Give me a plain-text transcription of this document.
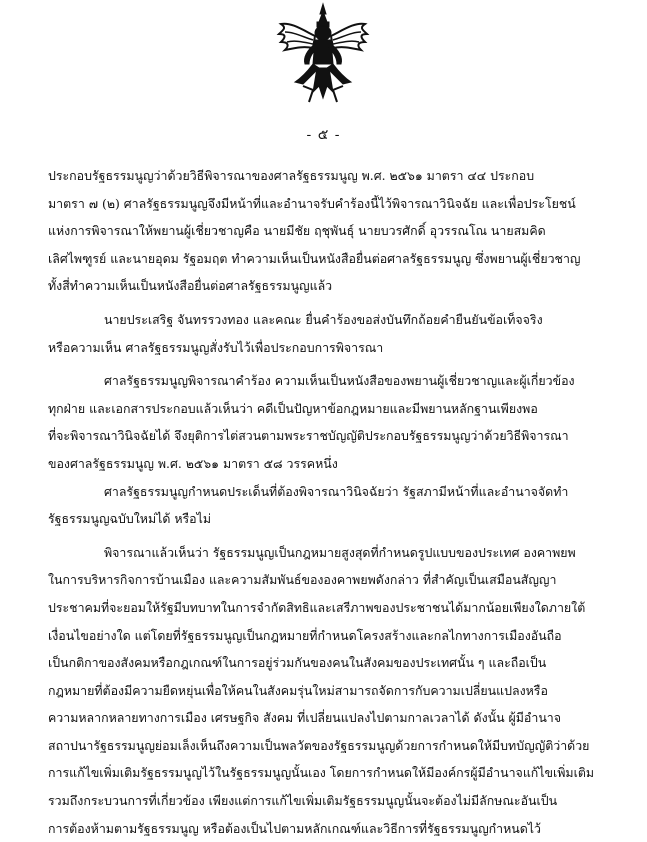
- ๕ -
ประกอบรัฐธรรมนูญว่าด้วยวิธีพิจารณาของศาลรัฐธรรมนูญ พ.ศ. ๒๕๖๑ มาตรา ๔๔ ประกอบ
มาตรา ๗ (๒) ศาลรัฐธรรมนูญจึงมีหน้าที่และอำนาจรับคำร้องนี้ไว้พิจารณาวินิจฉัย และเพื่อประโยชน์
แห่งการพิจารณาให้พยานผู้เชี่ยวชาญคือ นายมีชัย ฤชุพันธุ์ นายบวรศักดิ์ อุวรรณโณ นายสมคิด
เลิศไพฑูรย์ และนายอุดม รัฐอมฤต ทำความเห็นเป็นหนังสือยื่นต่อศาลรัฐธรรมนูญ ซึ่งพยานผู้เชี่ยวชาญ
ทั้งสี่ทำความเห็นเป็นหนังสือยื่นต่อศาลรัฐธรรมนูญแล้ว
นายประเสริฐ จันทรรวงทอง และคณะ ยื่นคำร้องขอส่งบันทึกถ้อยคำยืนยันข้อเท็จจริง
หรือความเห็น ศาลรัฐธรรมนูญสั่งรับไว้เพื่อประกอบการพิจารณา
ศาลรัฐธรรมนูญพิจารณาคำร้อง ความเห็นเป็นหนังสือของพยานผู้เชี่ยวชาญและผู้เกี่ยวข้อง
ทุกฝ่าย และเอกสารประกอบแล้วเห็นว่า คดีเป็นปัญหาข้อกฎหมายและมีพยานหลักฐานเพียงพอ
ที่จะพิจารณาวินิจฉัยได้ จึงยุติการไต่สวนตามพระราชบัญญัติประกอบรัฐธรรมนูญว่าด้วยวิธีพิจารณา
ของศาลรัฐธรรมนูญ พ.ศ. ๒๕๖๑ มาตรา ๕๘ วรรคหนึ่ง
ศาลรัฐธรรมนูญกำหนดประเด็นที่ต้องพิจารณาวินิจฉัยว่า รัฐสภามีหน้าที่และอำนาจจัดทำ
รัฐธรรมนูญฉบับใหม่ได้ หรือไม่
พิจารณาแล้วเห็นว่า รัฐธรรมนูญเป็นกฎหมายสูงสุดที่กำหนดรูปแบบของประเทศ องคาพยพ
ในการบริหารกิจการบ้านเมือง และความสัมพันธ์ขององคาพยพดังกล่าว ที่สำคัญเป็นเสมือนสัญญา
ประชาคมที่จะยอมให้รัฐมีบทบาทในการจำกัดสิทธิและเสรีภาพของประชาชนได้มากน้อยเพียงใดภายใต้
เงื่อนไขอย่างใด แต่โดยที่รัฐธรรมนูญเป็นกฎหมายที่กำหนดโครงสร้างและกลไกทางการเมืองอันถือ
เป็นกติกาของสังคมหรือกฎเกณฑ์ในการอยู่ร่วมกันของคนในสังคมของประเทศนั้น ๆ และถือเป็น
กฎหมายที่ต้องมีความยืดหยุ่นเพื่อให้คนในสังคมรุ่นใหม่สามารถจัดการกับความเปลี่ยนแปลงหรือ
ความหลากหลายทางการเมือง เศรษฐกิจ สังคม ที่เปลี่ยนแปลงไปตามกาลเวลาได้ ดังนั้น ผู้มีอำนาจ
สถาปนารัฐธรรมนูญย่อมเล็งเห็นถึงความเป็นพลวัตของรัฐธรรมนูญด้วยการกำหนดให้มีบทบัญญัติว่าด้วย
การแก้ไขเพิ่มเติมรัฐธรรมนูญไว้ในรัฐธรรมนูญนั้นเอง โดยการกำหนดให้มีองค์กรผู้มีอำนาจแก้ไขเพิ่มเติม
รวมถึงกระบวนการที่เกี่ยวข้อง เพียงแต่การแก้ไขเพิ่มเติมรัฐธรรมนูญนั้นจะต้องไม่มีลักษณะอันเป็น
การต้องห้ามตามรัฐธรรมนูญ หรือต้องเป็นไปตามหลักเกณฑ์และวิธีการที่รัฐธรรมนูญกำหนดไว้
